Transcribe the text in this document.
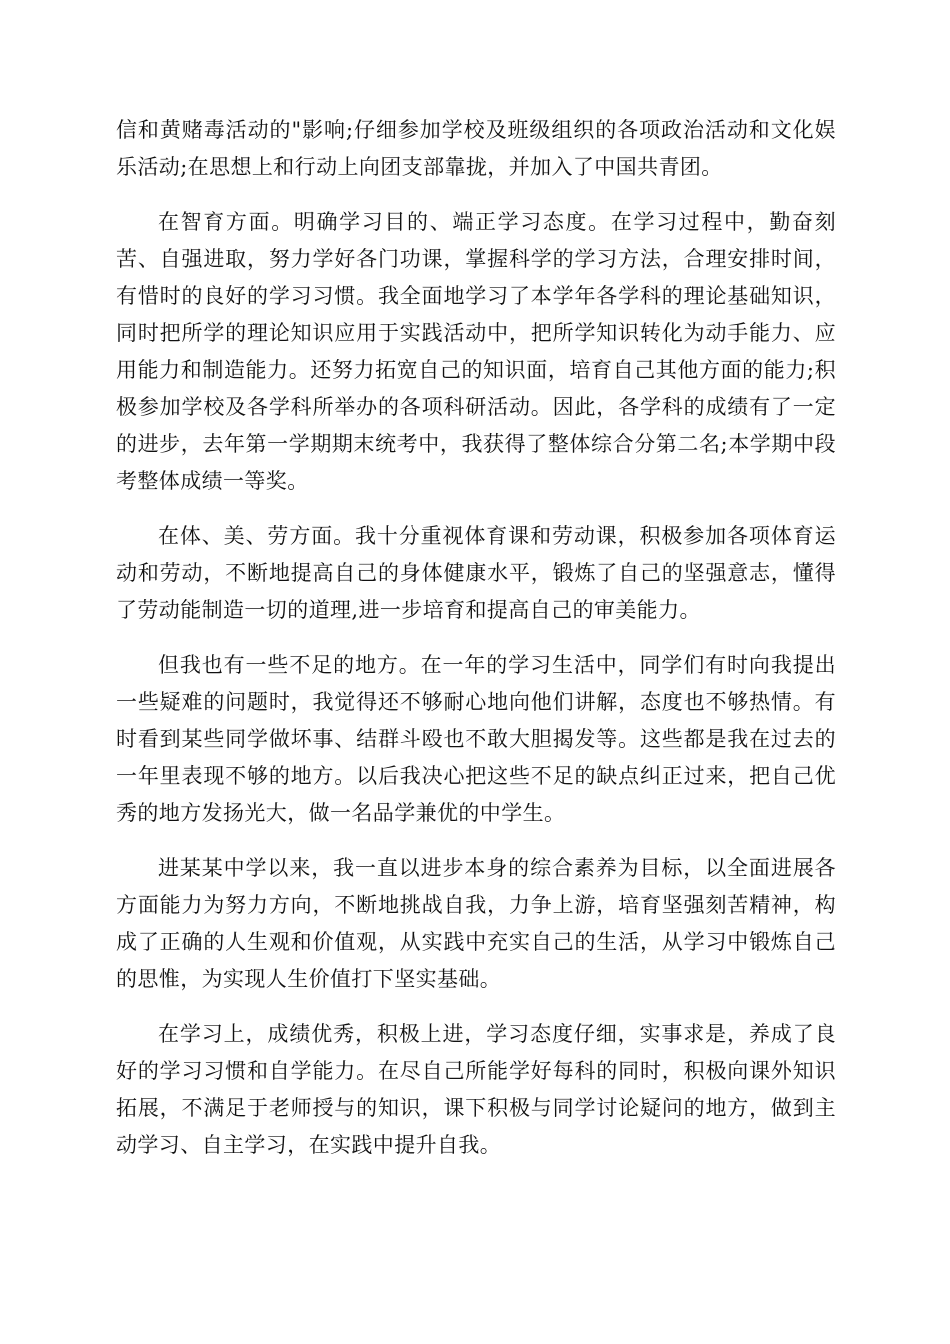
信和黄赌毒活动的"影响;仔细参加学校及班级组织的各项政治活动和文化娱乐活动;在思想上和行动上向团支部靠拢，并加入了中国共青团。

在智育方面。明确学习目的、端正学习态度。在学习过程中，勤奋刻苦、自强进取，努力学好各门功课，掌握科学的学习方法，合理安排时间，有惜时的良好的学习习惯。我全面地学习了本学年各学科的理论基础知识，同时把所学的理论知识应用于实践活动中，把所学知识转化为动手能力、应用能力和制造能力。还努力拓宽自己的知识面，培育自己其他方面的能力;积极参加学校及各学科所举办的各项科研活动。因此，各学科的成绩有了一定的进步，去年第一学期期末统考中，我获得了整体综合分第二名;本学期中段考整体成绩一等奖。

在体、美、劳方面。我十分重视体育课和劳动课，积极参加各项体育运动和劳动，不断地提高自己的身体健康水平，锻炼了自己的坚强意志，懂得了劳动能制造一切的道理,进一步培育和提高自己的审美能力。

但我也有一些不足的地方。在一年的学习生活中，同学们有时向我提出一些疑难的问题时，我觉得还不够耐心地向他们讲解，态度也不够热情。有时看到某些同学做坏事、结群斗殴也不敢大胆揭发等。这些都是我在过去的一年里表现不够的地方。以后我决心把这些不足的缺点纠正过来，把自己优秀的地方发扬光大，做一名品学兼优的中学生。

进某某中学以来，我一直以进步本身的综合素养为目标，以全面进展各方面能力为努力方向，不断地挑战自我，力争上游，培育坚强刻苦精神，构成了正确的人生观和价值观，从实践中充实自己的生活，从学习中锻炼自己的思惟，为实现人生价值打下坚实基础。

在学习上，成绩优秀，积极上进，学习态度仔细，实事求是，养成了良好的学习习惯和自学能力。在尽自己所能学好每科的同时，积极向课外知识拓展，不满足于老师授与的知识，课下积极与同学讨论疑问的地方，做到主动学习、自主学习，在实践中提升自我。
